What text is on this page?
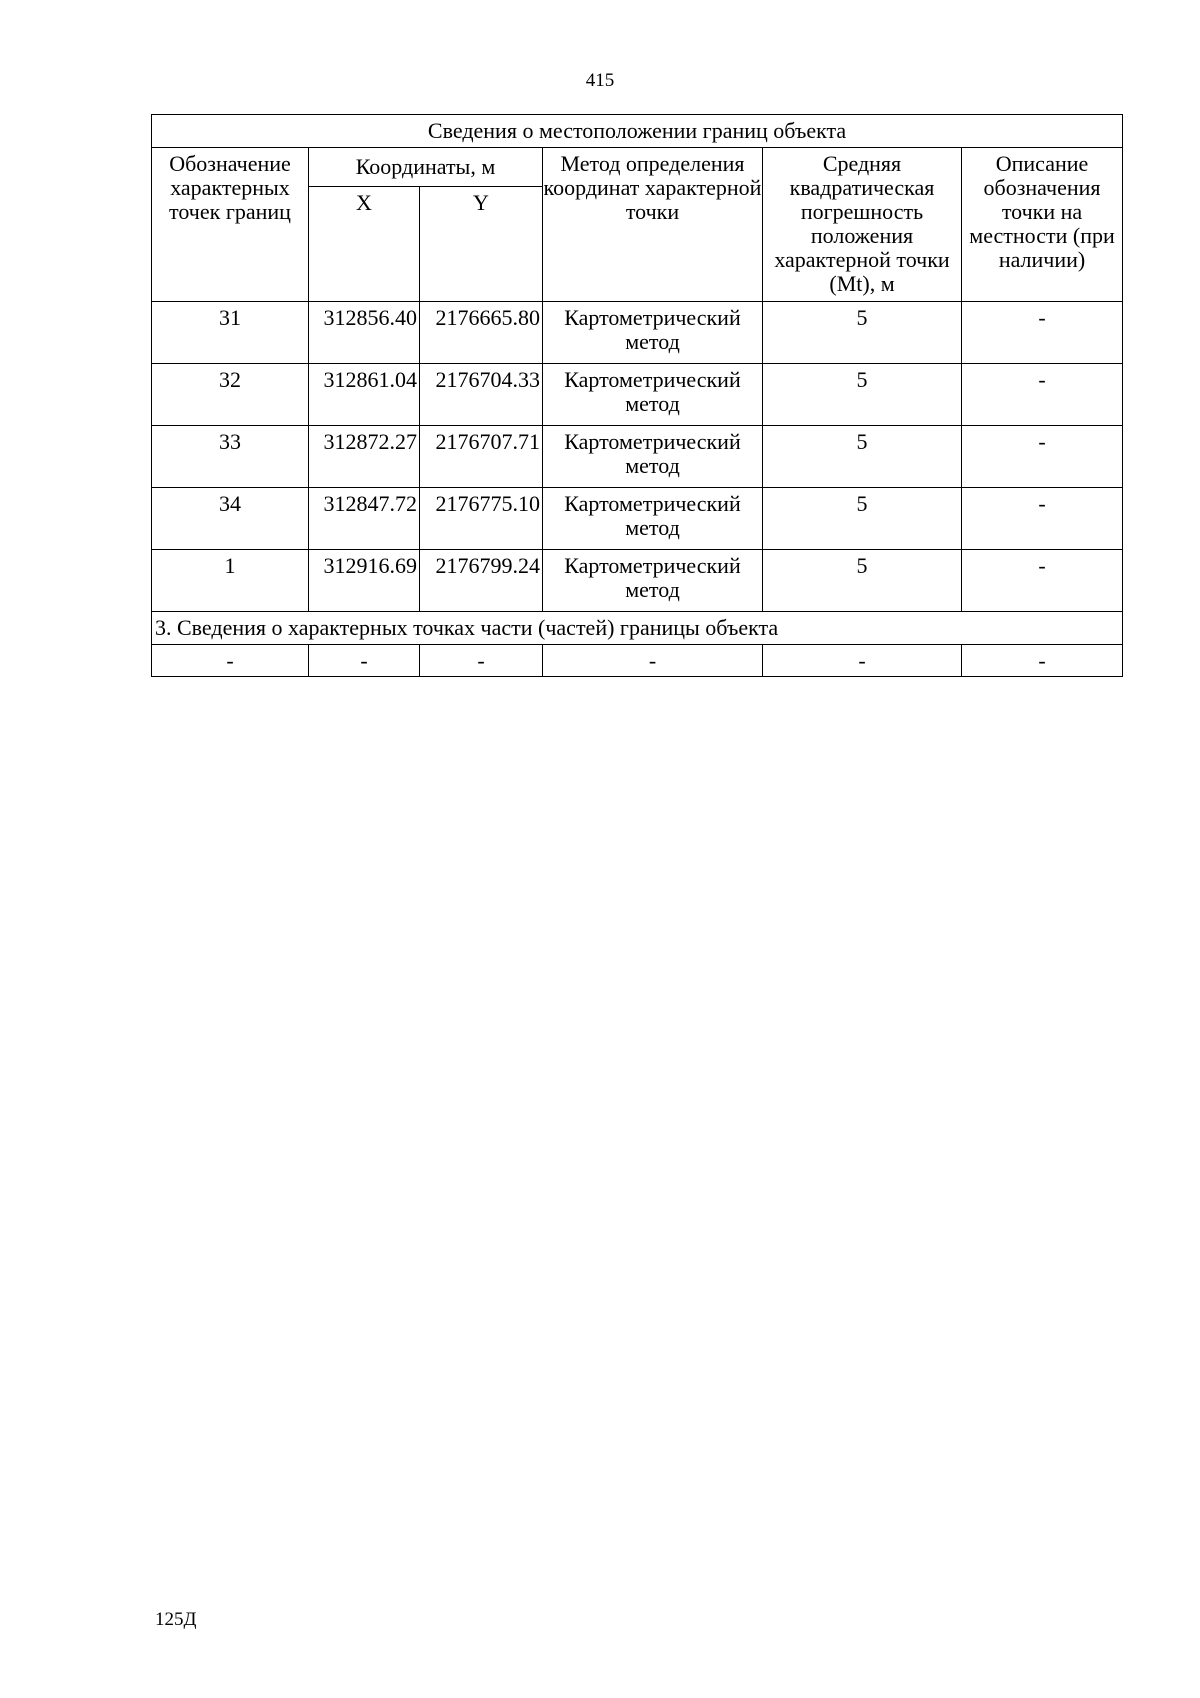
415
Сведения о местоположении границ объекта					
Обозначение характерных точек границ	Координаты, м		Метод определения координат характерной точки	Средняя квадратическая погрешность положения характерной точки (Mt), м	Описание обозначения точки на местности (при наличии)
	X	Y			
31	312856.40	2176665.80	Картометрический метод	5	-
32	312861.04	2176704.33	Картометрический метод	5	-
33	312872.27	2176707.71	Картометрический метод	5	-
34	312847.72	2176775.10	Картометрический метод	5	-
1	312916.69	2176799.24	Картометрический метод	5	-
3. Сведения о характерных точках части (частей) границы объекта					
-	-	-	-	-	-
125Д
